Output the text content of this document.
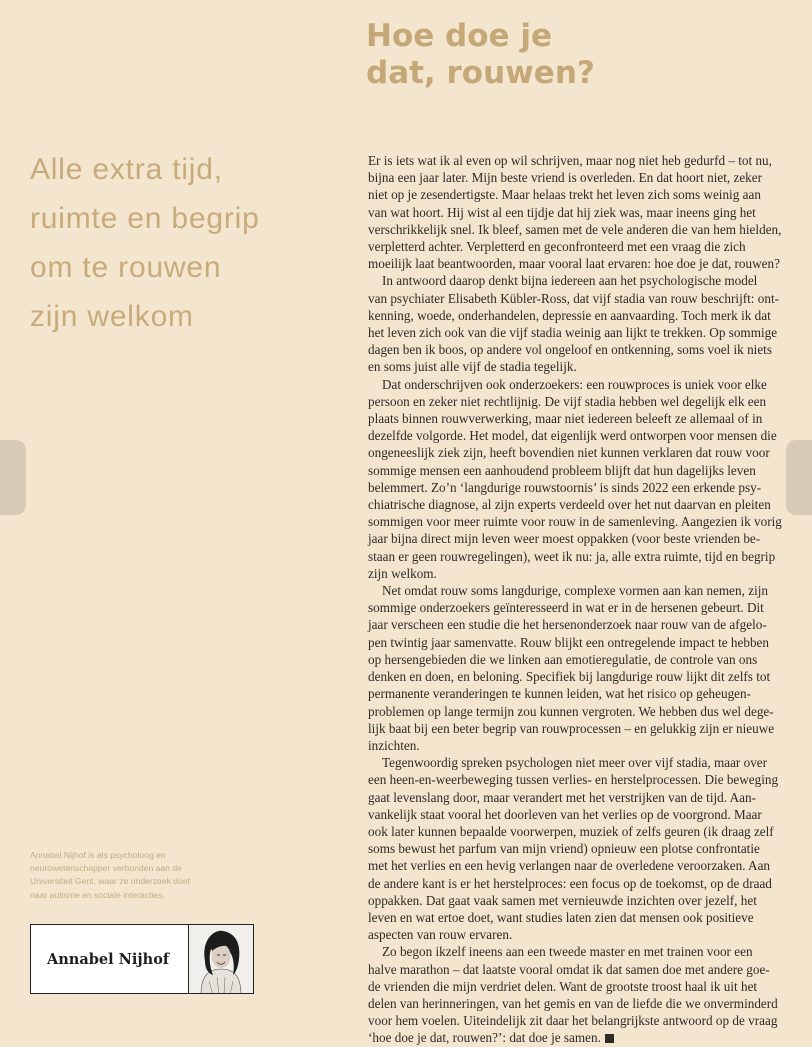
Hoe doe je
dat, rouwen?
Alle extra tijd,
ruimte en begrip
om te rouwen
zijn welkom

Er is iets wat ik al even op wil schrijven, maar nog niet heb gedurfd – tot nu,
bijna een jaar later. Mijn beste vriend is overleden. En dat hoort niet, zeker
niet op je zesendertigste. Maar helaas trekt het leven zich soms weinig aan
van wat hoort. Hij wist al een tijdje dat hij ziek was, maar ineens ging het
verschrikkelijk snel. Ik bleef, samen met de vele anderen die van hem hielden,
verpletterd achter. Verpletterd en geconfronteerd met een vraag die zich
moeilijk laat beantwoorden, maar vooral laat ervaren: hoe doe je dat, rouwen?

In antwoord daarop denkt bijna iedereen aan het psychologische model
van psychiater Elisabeth Kübler-Ross, dat vijf stadia van rouw beschrijft: ont-
kenning, woede, onderhandelen, depressie en aanvaarding. Toch merk ik dat
het leven zich ook van die vijf stadia weinig aan lijkt te trekken. Op sommige
dagen ben ik boos, op andere vol ongeloof en ontkenning, soms voel ik niets
en soms juist alle vijf de stadia tegelijk.

Dat onderschrijven ook onderzoekers: een rouwproces is uniek voor elke
persoon en zeker niet rechtlijnig. De vijf stadia hebben wel degelijk elk een
plaats binnen rouwverwerking, maar niet iedereen beleeft ze allemaal of in
dezelfde volgorde. Het model, dat eigenlijk werd ontworpen voor mensen die
ongeneeslijk ziek zijn, heeft bovendien niet kunnen verklaren dat rouw voor
sommige mensen een aanhoudend probleem blijft dat hun dagelijks leven
belemmert. Zo’n ‘langdurige rouwstoornis’ is sinds 2022 een erkende psy-
chiatrische diagnose, al zijn experts verdeeld over het nut daarvan en pleiten
sommigen voor meer ruimte voor rouw in de samenleving. Aangezien ik vorig
jaar bijna direct mijn leven weer moest oppakken (voor beste vrienden be-
staan er geen rouwregelingen), weet ik nu: ja, alle extra ruimte, tijd en begrip
zijn welkom.

Net omdat rouw soms langdurige, complexe vormen aan kan nemen, zijn
sommige onderzoekers geïnteresseerd in wat er in de hersenen gebeurt. Dit
jaar verscheen een studie die het hersenonderzoek naar rouw van de afgelo-
pen twintig jaar samenvatte. Rouw blijkt een ontregelende impact te hebben
op hersengebieden die we linken aan emotieregulatie, de controle van ons
denken en doen, en beloning. Specifiek bij langdurige rouw lijkt dit zelfs tot
permanente veranderingen te kunnen leiden, wat het risico op geheugen-
problemen op lange termijn zou kunnen vergroten. We hebben dus wel dege-
lijk baat bij een beter begrip van rouwprocessen – en gelukkig zijn er nieuwe
inzichten.

Tegenwoordig spreken psychologen niet meer over vijf stadia, maar over
een heen-en-weerbeweging tussen verlies- en herstelprocessen. Die beweging
gaat levenslang door, maar verandert met het verstrijken van de tijd. Aan-
vankelijk staat vooral het doorleven van het verlies op de voorgrond. Maar
ook later kunnen bepaalde voorwerpen, muziek of zelfs geuren (ik draag zelf
soms bewust het parfum van mijn vriend) opnieuw een plotse confrontatie
met het verlies en een hevig verlangen naar de overledene veroorzaken. Aan
de andere kant is er het herstelproces: een focus op de toekomst, op de draad
oppakken. Dat gaat vaak samen met vernieuwde inzichten over jezelf, het
leven en wat ertoe doet, want studies laten zien dat mensen ook positieve
aspecten van rouw ervaren.

Zo begon ikzelf ineens aan een tweede master en met trainen voor een
halve marathon – dat laatste vooral omdat ik dat samen doe met andere goe-
de vrienden die mijn verdriet delen. Want de grootste troost haal ik uit het
delen van herinneringen, van het gemis en van de liefde die we onverminderd
voor hem voelen. Uiteindelijk zit daar het belangrijkste antwoord op de vraag
‘hoe doe je dat, rouwen?’: dat doe je samen.

Annabel Nijhof is als psycholoog en
neurowetenschapper verbonden aan de
Universiteit Gent, waar ze onderzoek doet
naar autisme en sociale interacties.
Annabel Nijhof
